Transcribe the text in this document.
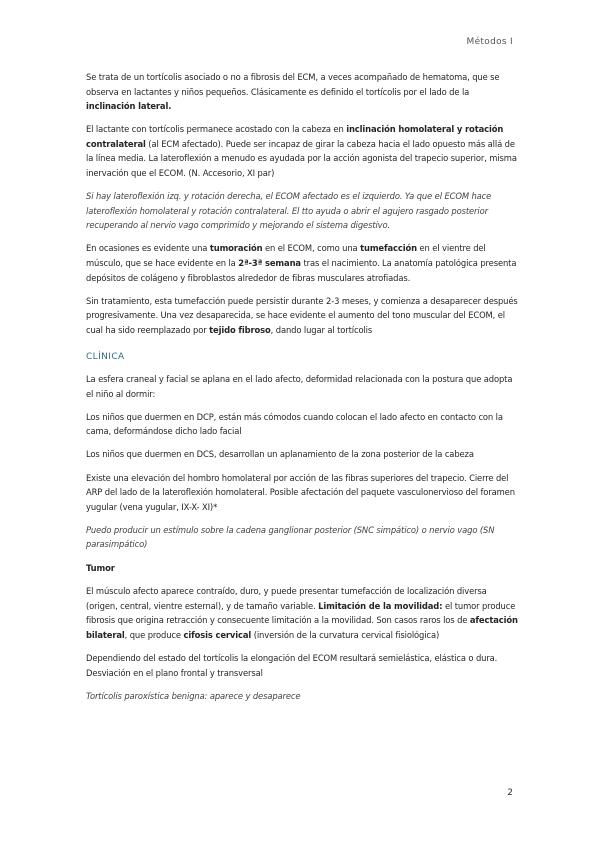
Métodos I

Se trata de un tortícolis asociado o no a fibrosis del ECM, a veces acompañado de hematoma, que se observa en lactantes y niños pequeños. Clásicamente es definido el tortícolis por el lado de la inclinación lateral.

El lactante con tortícolis permanece acostado con la cabeza en inclinación homolateral y rotación contralateral (al ECM afectado). Puede ser incapaz de girar la cabeza hacia el lado opuesto más allá de la línea media. La lateroflexión a menudo es ayudada por la acción agonista del trapecio superior, misma inervación que el ECOM. (N. Accesorio, XI par)

Si hay lateroflexión izq. y rotación derecha, el ECOM afectado es el izquierdo. Ya que el ECOM hace lateroflexión homolateral y rotación contralateral. El tto ayuda o abrir el agujero rasgado posterior recuperando al nervio vago comprimido y mejorando el sistema digestivo.

En ocasiones es evidente una tumoración en el ECOM, como una tumefacción en el vientre del músculo, que se hace evidente en la 2ª-3ª semana tras el nacimiento. La anatomía patológica presenta depósitos de colágeno y fibroblastos alrededor de fibras musculares atrofiadas.

Sin tratamiento, esta tumefacción puede persistir durante 2-3 meses, y comienza a desaparecer después progresivamente. Una vez desaparecida, se hace evidente el aumento del tono muscular del ECOM, el cual ha sido reemplazado por tejido fibroso, dando lugar al tortícolis

CLÍNICA

La esfera craneal y facial se aplana en el lado afecto, deformidad relacionada con la postura que adopta el niño al dormir:

Los niños que duermen en DCP, están más cómodos cuando colocan el lado afecto en contacto con la cama, deformándose dicho lado facial

Los niños que duermen en DCS, desarrollan un aplanamiento de la zona posterior de la cabeza

Existe una elevación del hombro homolateral por acción de las fibras superiores del trapecio. Cierre del ARP del lado de la lateroflexión homolateral. Posible afectación del paquete vasculonervioso del foramen yugular (vena yugular, IX-X- XI)*

Puedo producir un estímulo sobre la cadena ganglionar posterior (SNC simpático) o nervio vago (SN parasimpático)

Tumor

El músculo afecto aparece contraído, duro, y puede presentar tumefacción de localización diversa (origen, central, vientre esternal), y de tamaño variable. Limitación de la movilidad: el tumor produce fibrosis que origina retracción y consecuente limitación a la movilidad. Son casos raros los de afectación bilateral, que produce cifosis cervical (inversión de la curvatura cervical fisiológica)

Dependiendo del estado del tortícolis la elongación del ECOM resultará semielástica, elástica o dura. Desviación en el plano frontal y transversal

Tortícolis paroxística benigna: aparece y desaparece

2
